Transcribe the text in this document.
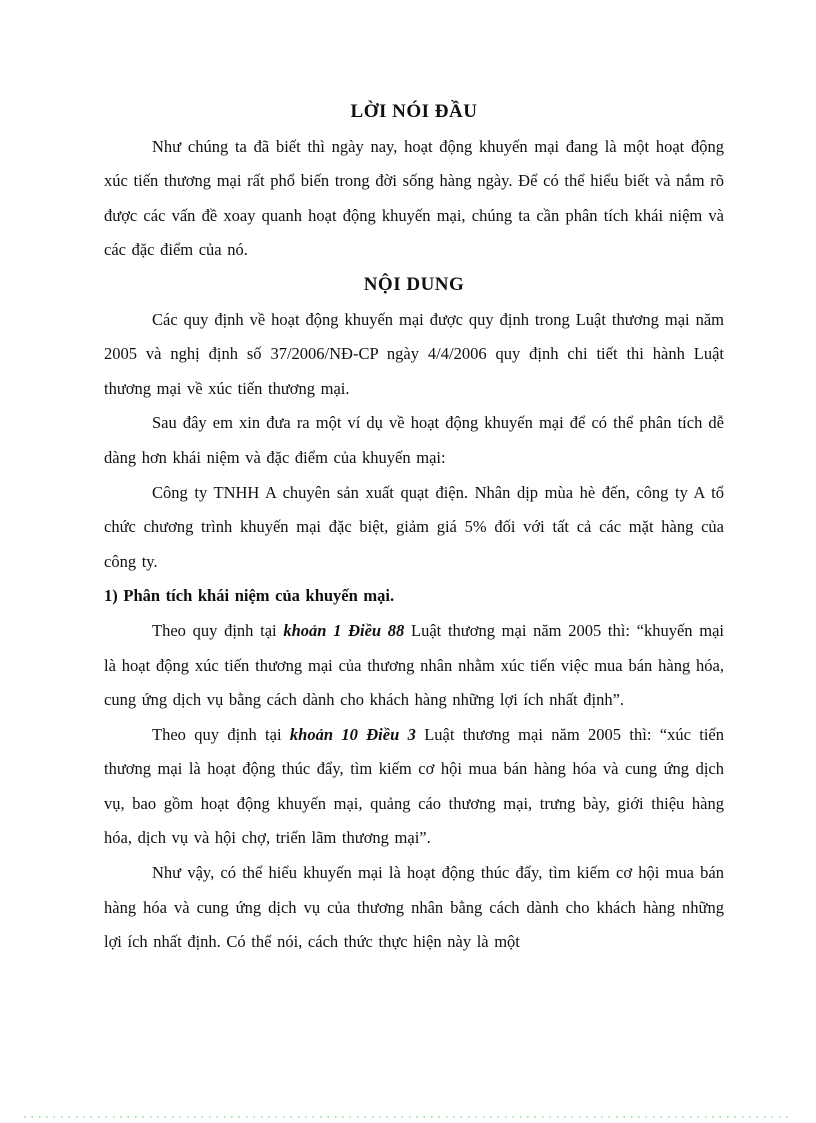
LỜI NÓI ĐẦU

Như chúng ta đã biết thì ngày nay, hoạt động khuyến mại đang là một hoạt động xúc tiến thương mại rất phổ biến trong đời sống hàng ngày. Để có thể hiểu biết và nắm rõ được các vấn đề xoay quanh hoạt động khuyến mại, chúng ta cần phân tích khái niệm và các đặc điểm của nó.

NỘI DUNG

Các quy định về hoạt động khuyến mại được quy định trong Luật thương mại năm 2005 và nghị định số 37/2006/NĐ-CP ngày 4/4/2006 quy định chi tiết thi hành Luật thương mại về xúc tiến thương mại.

Sau đây em xin đưa ra một ví dụ về hoạt động khuyến mại để có thể phân tích dễ dàng hơn khái niệm và đặc điểm của khuyến mại:

Công ty TNHH A chuyên sản xuất quạt điện. Nhân dịp mùa hè đến, công ty A tổ chức chương trình khuyến mại đặc biệt, giảm giá 5% đối với tất cả các mặt hàng của công ty.

1) Phân tích khái niệm của khuyến mại.

Theo quy định tại khoản 1 Điều 88 Luật thương mại năm 2005 thì: “khuyến mại là hoạt động xúc tiến thương mại của thương nhân nhằm xúc tiến việc mua bán hàng hóa, cung ứng dịch vụ bằng cách dành cho khách hàng những lợi ích nhất định”.

Theo quy định tại khoản 10 Điều 3 Luật thương mại năm 2005 thì: “xúc tiến thương mại là hoạt động thúc đẩy, tìm kiếm cơ hội mua bán hàng hóa và cung ứng dịch vụ, bao gồm hoạt động khuyến mại, quảng cáo thương mại, trưng bày, giới thiệu hàng hóa, dịch vụ và hội chợ, triển lãm thương mại”.

Như vậy, có thể hiểu khuyến mại là hoạt động thúc đẩy, tìm kiếm cơ hội mua bán hàng hóa và cung ứng dịch vụ của thương nhân bằng cách dành cho khách hàng những lợi ích nhất định. Có thể nói, cách thức thực hiện này là một
